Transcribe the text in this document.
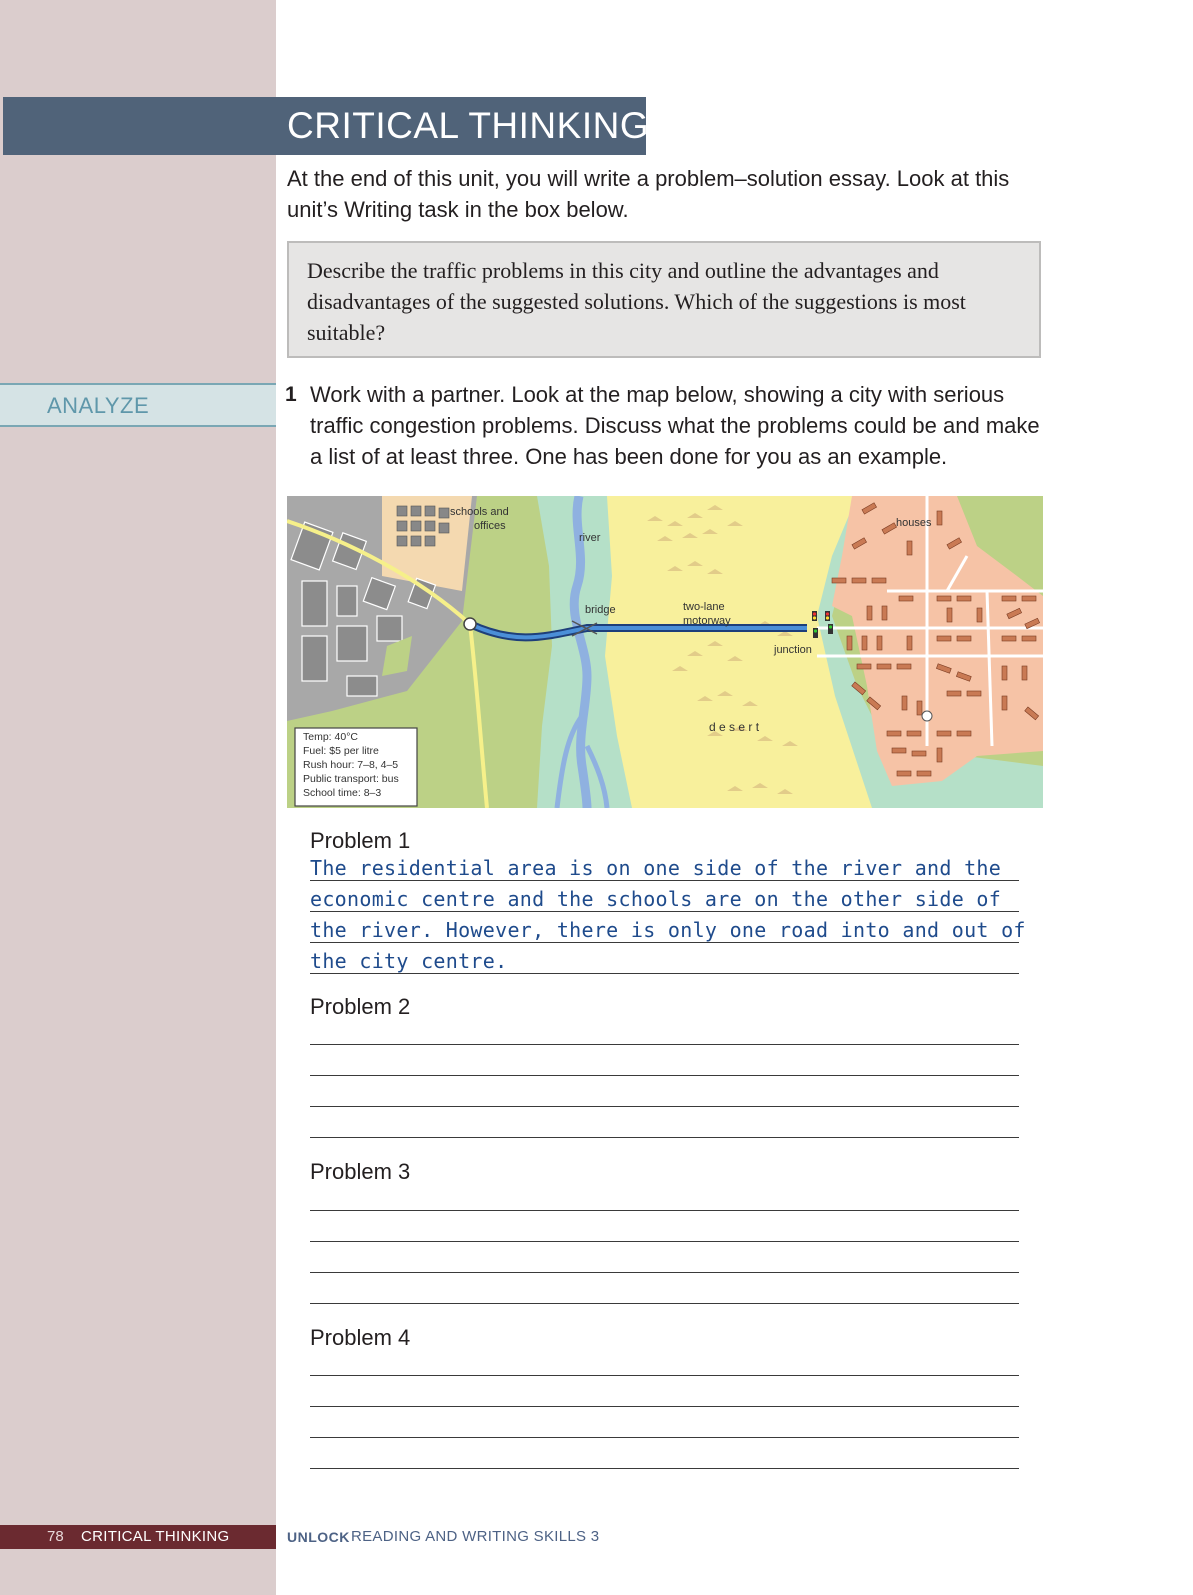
CRITICAL THINKING
At the end of this unit, you will write a problem–solution essay. Look at this unit’s Writing task in the box below.
Describe the traffic problems in this city and outline the advantages and disadvantages of the suggested solutions. Which of the suggestions is most suitable?
ANALYZE	1 Work with a partner. Look at the map below, showing a city with serious traffic congestion problems. Discuss what the problems could be and make a list of at least three. One has been done for you as an example.
schools and
offices
river
bridge	two-lane
motorway
junction
d e s e r t
houses
Temp: 40°C
Fuel: $5 per litre
Rush hour: 7–8, 4–5
Public transport: bus
School time: 8–3
Problem 1
The residential area is on one side of the river and the
economic centre and the schools are on the other side of
the river. However, there is only one road into and out of
the city centre.
Problem 2
Problem 3
Problem 4
78 CRITICAL THINKING	UNLOCK READING AND WRITING SKILLS 3
